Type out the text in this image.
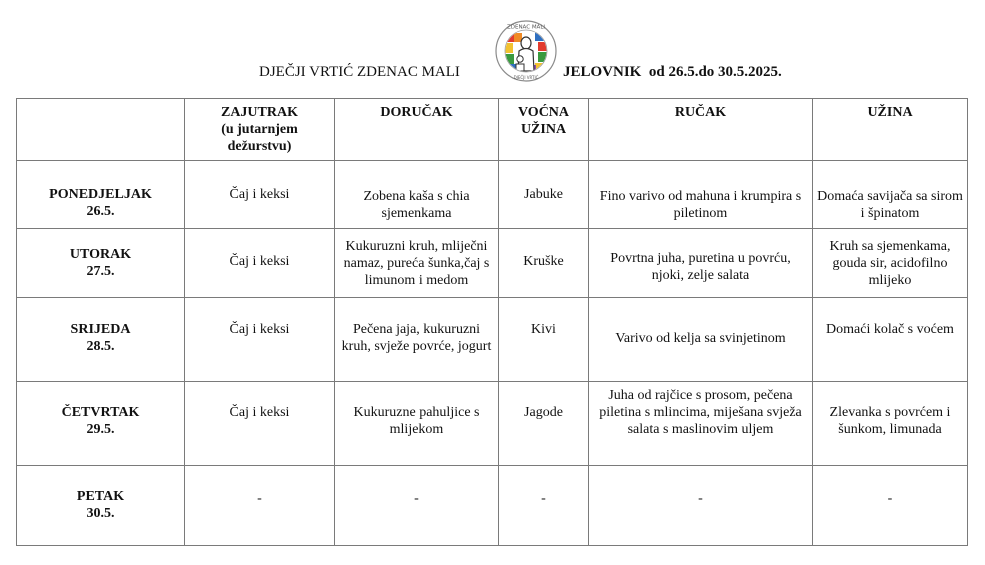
DJEČJI VRTIĆ ZDENAC MALI
ZDENAC MALI
DJEČJI VRTIĆ JELOVNIK  od 26.5.do 30.5.2025.

	ZAJUTRAK
(u jutarnjem
dežurstvu)	DORUČAK	VOĆNA
UŽINA	RUČAK	UŽINA

PONEDJELJAK
26.5.	Čaj i keksi	Zobena kaša s chia sjemenkama	Jabuke	Fino varivo od mahuna i krumpira s piletinom	Domaća savijača sa sirom i špinatom

UTORAK
27.5.	Čaj i keksi	Kukuruzni kruh, mliječni namaz, pureća šunka,čaj s limunom i medom	Kruške	Povrtna juha, puretina u povrću, njoki, zelje salata	Kruh sa sjemenkama, gouda sir, acidofilno mlijeko

SRIJEDA
28.5.	Čaj i keksi	Pečena jaja, kukuruzni kruh, svježe povrće, jogurt	Kivi	Varivo od kelja sa svinjetinom	Domaći kolač s voćem

ČETVRTAK
29.5.	Čaj i keksi	Kukuruzne pahuljice s mlijekom	Jagode	Juha od rajčice s prosom, pečena piletina s mlincima, miješana svježa salata s maslinovim uljem	Zlevanka s povrćem i šunkom, limunada

PETAK
30.5.	-	-	-	-	-
